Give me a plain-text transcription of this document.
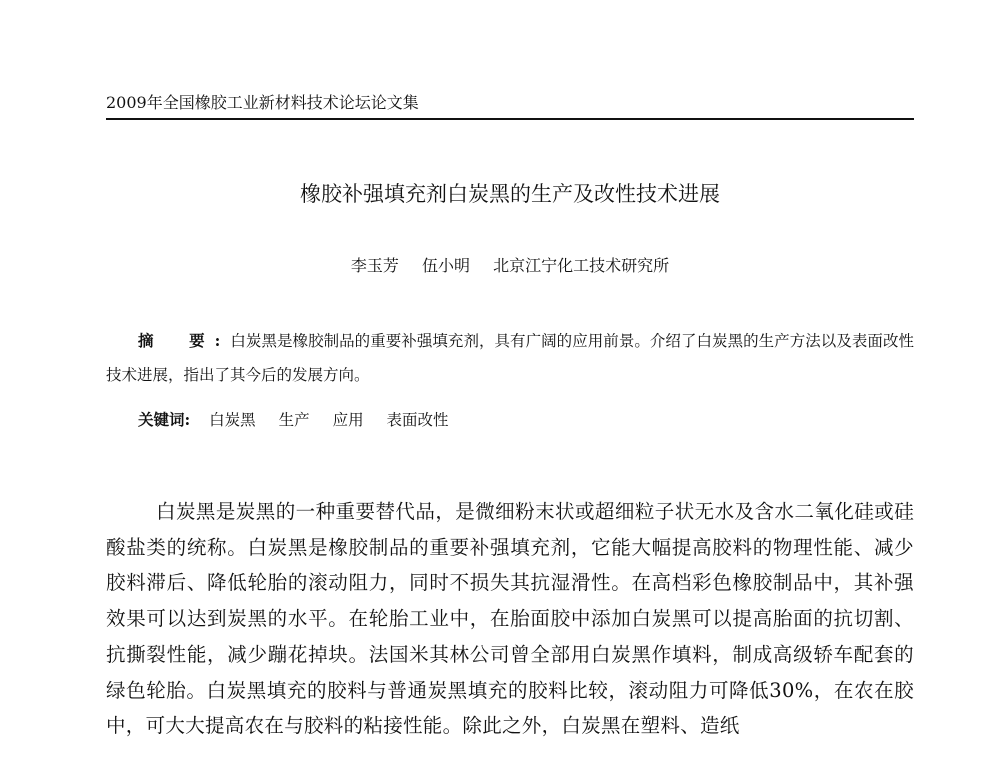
2009年全国橡胶工业新材料技术论坛论文集
橡胶补强填充剂白炭黑的生产及改性技术进展
李玉芳 伍小明 北京江宁化工技术研究所

摘　要:白炭黑是橡胶制品的重要补强填充剂，具有广阔的应用前景。介绍了白炭黑的生产方法以及表面改性技术进展，指出了其今后的发展方向。

关键词: 白炭黑 生产 应用 表面改性

白炭黑是炭黑的一种重要替代品，是微细粉末状或超细粒子状无水及含水二氧化硅或硅酸盐类的统称。白炭黑是橡胶制品的重要补强填充剂，它能大幅提高胶料的物理性能、减少胶料滞后、降低轮胎的滚动阻力，同时不损失其抗湿滑性。在高档彩色橡胶制品中，其补强效果可以达到炭黑的水平。在轮胎工业中，在胎面胶中添加白炭黑可以提高胎面的抗切割、抗撕裂性能，减少蹦花掉块。法国米其林公司曾全部用白炭黑作填料，制成高级轿车配套的绿色轮胎。白炭黑填充的胶料与普通炭黑填充的胶料比较，滚动阻力可降低30%，在农在胶中，可大大提高农在与胶料的粘接性能。除此之外，白炭黑在塑料、造纸
